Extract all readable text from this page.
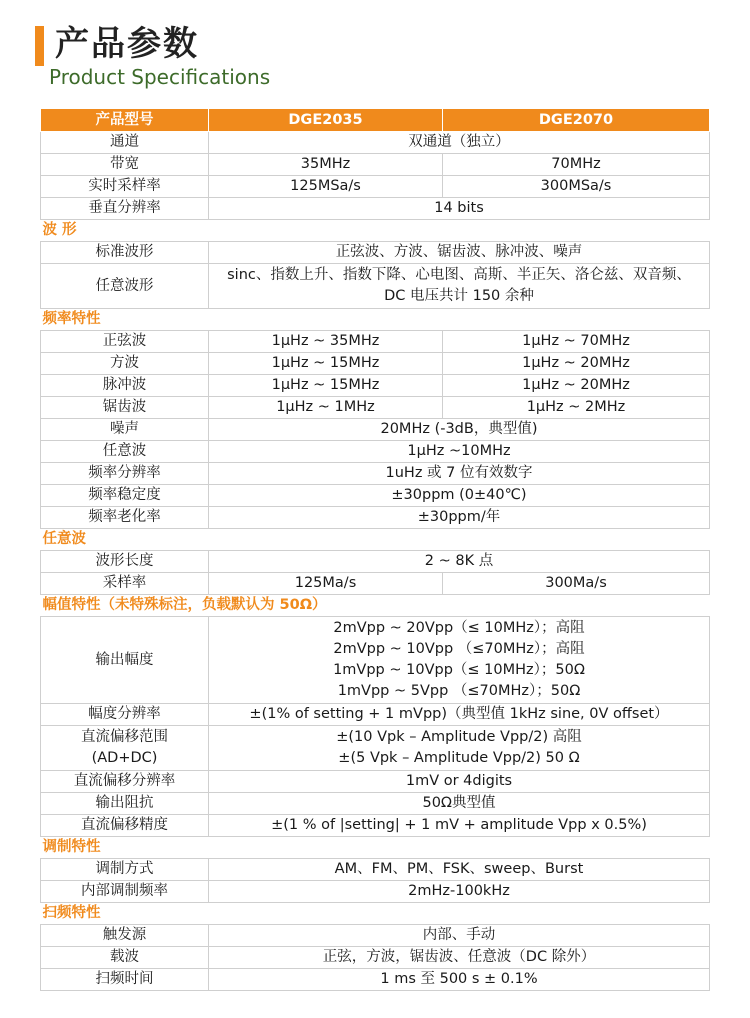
产品参数
Product Specifications
产品型号	DGE2035	DGE2070
通道	双通道（独立）	
带宽	35MHz	70MHz
实时采样率	125MSa/s	300MSa/s
垂直分辨率	14 bits	
波 形		
标准波形	正弦波、方波、锯齿波、脉冲波、噪声	
任意波形	sinc、指数上升、指数下降、心电图、高斯、半正矢、洛仑兹、双音频、
DC 电压共计 150 余种	

频率特性		
正弦波	1μHz ~ 35MHz	1μHz ~ 70MHz
方波	1μHz ~ 15MHz	1μHz ~ 20MHz
脉冲波	1μHz ~ 15MHz	1μHz ~ 20MHz
锯齿波	1μHz ~ 1MHz	1μHz ~ 2MHz
噪声	20MHz (-3dB，典型值)	
任意波	1μHz ~10MHz	
频率分辨率	1uHz 或 7 位有效数字	
频率稳定度	±30ppm (0±40℃)	
频率老化率	±30ppm/年	
任意波		
波形长度	2 ~ 8K 点	
采样率	125Ma/s	300Ma/s
幅值特性（未特殊标注，负载默认为 50Ω）		
输出幅度	2mVpp ~ 20Vpp（≤ 10MHz）；高阻
2mVpp ~ 10Vpp （≤70MHz）；高阻
1mVpp ~ 10Vpp（≤ 10MHz）；50Ω
1mVpp ~ 5Vpp （≤70MHz）；50Ω	

幅度分辨率	±(1% of setting + 1 mVpp)（典型值 1kHz sine, 0V offset）	

直流偏移范围
(AD+DC)	±(10 Vpk – Amplitude Vpp/2) 高阻
±(5 Vpk – Amplitude Vpp/2) 50 Ω	

直流偏移分辨率	1mV or 4digits	
输出阻抗	50Ω典型值	
直流偏移精度	±(1 % of |setting| + 1 mV + amplitude Vpp x 0.5%)	
调制特性		
调制方式	AM、FM、PM、FSK、sweep、Burst	
内部调制频率	2mHz-100kHz	
扫频特性		
触发源	内部、手动	
载波	正弦，方波，锯齿波、任意波（DC 除外）	
扫频时间	1 ms 至 500 s ± 0.1%	
